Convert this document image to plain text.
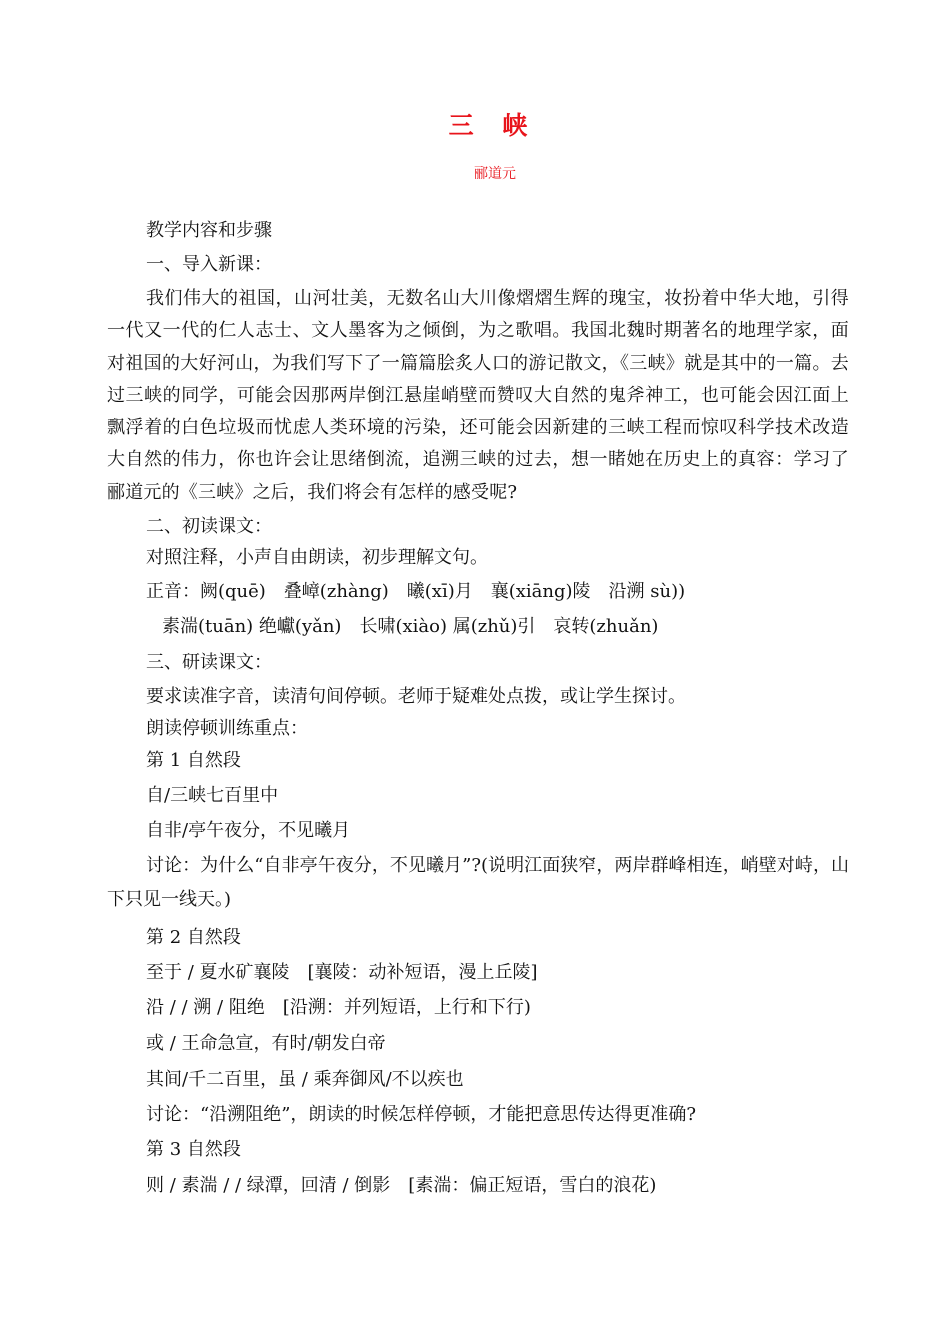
三 峡
郦道元
教学内容和步骤
一、导入新课：
我们伟大的祖国，山河壮美，无数名山大川像熠熠生辉的瑰宝，妆扮着中华大地，引得一代又一代的仁人志士、文人墨客为之倾倒，为之歌唱。我国北魏时期著名的地理学家，面对祖国的大好河山，为我们写下了一篇篇脍炙人口的游记散文，《三峡》就是其中的一篇。去过三峡的同学，可能会因那两岸倒江悬崖峭壁而赞叹大自然的鬼斧神工，也可能会因江面上飘浮着的白色垃圾而忧虑人类环境的污染，还可能会因新建的三峡工程而惊叹科学技术改造大自然的伟力，你也许会让思绪倒流，追溯三峡的过去，想一睹她在历史上的真容：学习了郦道元的《三峡》之后，我们将会有怎样的感受呢?
二、初读课文：
对照注释，小声自由朗读，初步理解文句。
正音：阙(quē)　叠嶂(zhàng)　曦(xī)月　襄(xiāng)陵　沿溯 sù))
素湍(tuān) 绝巘(yǎn)　长啸(xiào) 属(zhǔ)引　哀转(zhuǎn)
三、研读课文：
要求读准字音，读清句间停顿。老师于疑难处点拨，或让学生探讨。
朗读停顿训练重点：
第 1 自然段
自/三峡七百里中
自非/亭午夜分，不见曦月
讨论：为什么“自非亭午夜分，不见曦月”?(说明江面狭窄，两岸群峰相连，峭壁对峙，山下只见一线天。)
第 2 自然段
至于 / 夏水矿襄陵　[襄陵：动补短语，漫上丘陵]
沿 / / 溯 / 阻绝　[沿溯：并列短语，上行和下行)
或 / 王命急宣，有时/朝发白帝
其间/千二百里，虽 / 乘奔御风/不以疾也
讨论：“沿溯阻绝”，朗读的时候怎样停顿，才能把意思传达得更准确?
第 3 自然段
则 / 素湍 / / 绿潭，回清 / 倒影　[素湍：偏正短语，雪白的浪花)
